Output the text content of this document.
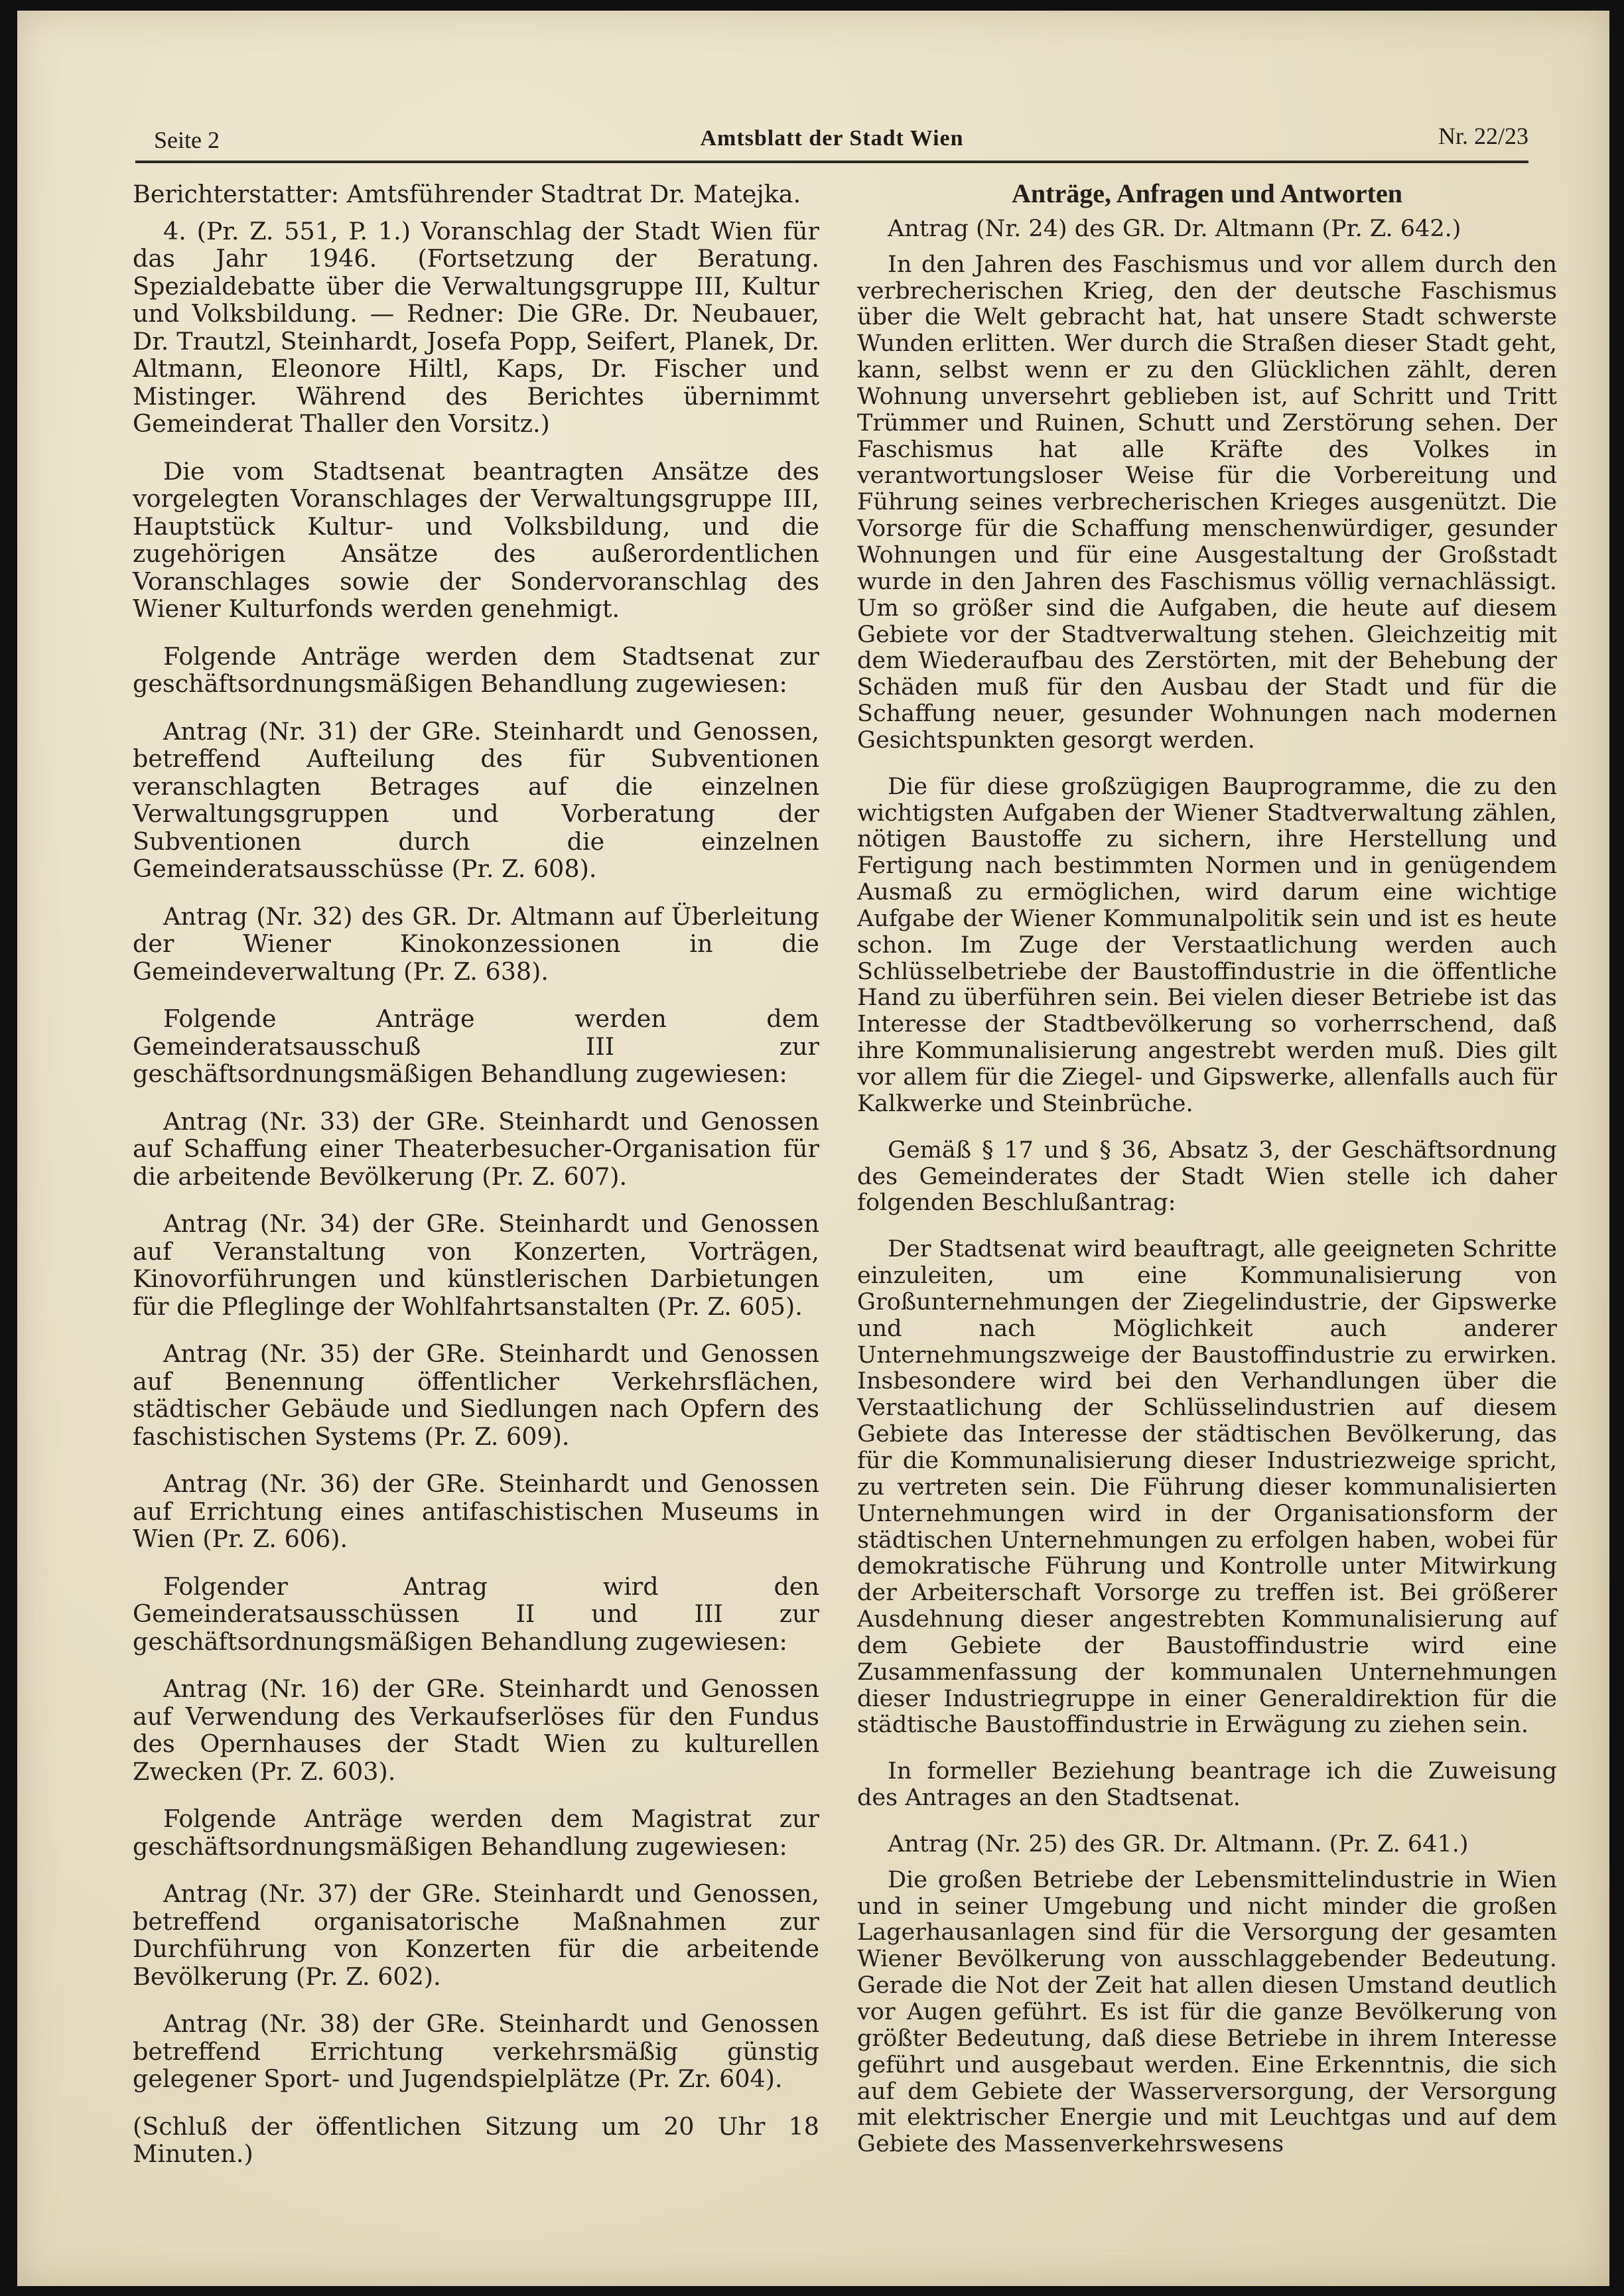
Seite 2	Amtsblatt der Stadt Wien	Nr. 22/23

Berichterstatter: Amtsführender Stadtrat Dr. Matejka.

4. (Pr. Z. 551, P. 1.) Voranschlag der Stadt Wien für das Jahr 1946. (Fortsetzung der Beratung. Spezialdebatte über die Verwaltungsgruppe III, Kultur und Volksbildung. — Redner: Die GRe. Dr. Neubauer, Dr. Trautzl, Steinhardt, Josefa Popp, Seifert, Planek, Dr. Altmann, Eleonore Hiltl, Kaps, Dr. Fischer und Mistinger. Während des Berichtes übernimmt Gemeinderat Thaller den Vorsitz.)

Die vom Stadtsenat beantragten Ansätze des vorgelegten Voranschlages der Verwaltungsgruppe III, Hauptstück Kultur- und Volksbildung, und die zugehörigen Ansätze des außerordentlichen Voranschlages sowie der Sondervoranschlag des Wiener Kulturfonds werden genehmigt.

Folgende Anträge werden dem Stadtsenat zur geschäftsordnungsmäßigen Behandlung zugewiesen:

Antrag (Nr. 31) der GRe. Steinhardt und Genossen, betreffend Aufteilung des für Subventionen veranschlagten Betrages auf die einzelnen Verwaltungsgruppen und Vorberatung der Subventionen durch die einzelnen Gemeinderatsausschüsse (Pr. Z. 608).

Antrag (Nr. 32) des GR. Dr. Altmann auf Überleitung der Wiener Kinokonzessionen in die Gemeindeverwaltung (Pr. Z. 638).

Folgende Anträge werden dem Gemeinderatsausschuß III zur geschäftsordnungsmäßigen Behandlung zugewiesen:

Antrag (Nr. 33) der GRe. Steinhardt und Genossen auf Schaffung einer Theaterbesucher-Organisation für die arbeitende Bevölkerung (Pr. Z. 607).

Antrag (Nr. 34) der GRe. Steinhardt und Genossen auf Veranstaltung von Konzerten, Vorträgen, Kinovorführungen und künstlerischen Darbietungen für die Pfleglinge der Wohlfahrtsanstalten (Pr. Z. 605).

Antrag (Nr. 35) der GRe. Steinhardt und Genossen auf Benennung öffentlicher Verkehrsflächen, städtischer Gebäude und Siedlungen nach Opfern des faschistischen Systems (Pr. Z. 609).

Antrag (Nr. 36) der GRe. Steinhardt und Genossen auf Errichtung eines antifaschistischen Museums in Wien (Pr. Z. 606).

Folgender Antrag wird den Gemeinderatsausschüssen II und III zur geschäftsordnungsmäßigen Behandlung zugewiesen:

Antrag (Nr. 16) der GRe. Steinhardt und Genossen auf Verwendung des Verkaufserlöses für den Fundus des Opernhauses der Stadt Wien zu kulturellen Zwecken (Pr. Z. 603).

Folgende Anträge werden dem Magistrat zur geschäftsordnungsmäßigen Behandlung zugewiesen:

Antrag (Nr. 37) der GRe. Steinhardt und Genossen, betreffend organisatorische Maßnahmen zur Durchführung von Konzerten für die arbeitende Bevölkerung (Pr. Z. 602).

Antrag (Nr. 38) der GRe. Steinhardt und Genossen betreffend Errichtung verkehrsmäßig günstig gelegener Sport- und Jugendspielplätze (Pr. Zr. 604).

(Schluß der öffentlichen Sitzung um 20 Uhr 18 Minuten.)

Anträge, Anfragen und Antworten

Antrag (Nr. 24) des GR. Dr. Altmann (Pr. Z. 642.)

In den Jahren des Faschismus und vor allem durch den verbrecherischen Krieg, den der deutsche Faschismus über die Welt gebracht hat, hat unsere Stadt schwerste Wunden erlitten. Wer durch die Straßen dieser Stadt geht, kann, selbst wenn er zu den Glücklichen zählt, deren Wohnung unversehrt geblieben ist, auf Schritt und Tritt Trümmer und Ruinen, Schutt und Zerstörung sehen. Der Faschismus hat alle Kräfte des Volkes in verantwortungsloser Weise für die Vorbereitung und Führung seines verbrecherischen Krieges ausgenützt. Die Vorsorge für die Schaffung menschenwürdiger, gesunder Wohnungen und für eine Ausgestaltung der Großstadt wurde in den Jahren des Faschismus völlig vernachlässigt. Um so größer sind die Aufgaben, die heute auf diesem Gebiete vor der Stadtverwaltung stehen. Gleichzeitig mit dem Wiederaufbau des Zerstörten, mit der Behebung der Schäden muß für den Ausbau der Stadt und für die Schaffung neuer, gesunder Wohnungen nach modernen Gesichtspunkten gesorgt werden.

Die für diese großzügigen Bauprogramme, die zu den wichtigsten Aufgaben der Wiener Stadtverwaltung zählen, nötigen Baustoffe zu sichern, ihre Herstellung und Fertigung nach bestimmten Normen und in genügendem Ausmaß zu ermöglichen, wird darum eine wichtige Aufgabe der Wiener Kommunalpolitik sein und ist es heute schon. Im Zuge der Verstaatlichung werden auch Schlüsselbetriebe der Baustoffindustrie in die öffentliche Hand zu überführen sein. Bei vielen dieser Betriebe ist das Interesse der Stadtbevölkerung so vorherrschend, daß ihre Kommunalisierung angestrebt werden muß. Dies gilt vor allem für die Ziegel- und Gipswerke, allenfalls auch für Kalkwerke und Steinbrüche.

Gemäß § 17 und § 36, Absatz 3, der Geschäftsordnung des Gemeinderates der Stadt Wien stelle ich daher folgenden Beschlußantrag:

Der Stadtsenat wird beauftragt, alle geeigneten Schritte einzuleiten, um eine Kommunalisierung von Großunternehmungen der Ziegelindustrie, der Gipswerke und nach Möglichkeit auch anderer Unternehmungszweige der Baustoffindustrie zu erwirken. Insbesondere wird bei den Verhandlungen über die Verstaatlichung der Schlüsselindustrien auf diesem Gebiete das Interesse der städtischen Bevölkerung, das für die Kommunalisierung dieser Industriezweige spricht, zu vertreten sein. Die Führung dieser kommunalisierten Unternehmungen wird in der Organisationsform der städtischen Unternehmungen zu erfolgen haben, wobei für demokratische Führung und Kontrolle unter Mitwirkung der Arbeiterschaft Vorsorge zu treffen ist. Bei größerer Ausdehnung dieser angestrebten Kommunalisierung auf dem Gebiete der Baustoffindustrie wird eine Zusammenfassung der kommunalen Unternehmungen dieser Industriegruppe in einer Generaldirektion für die städtische Baustoffindustrie in Erwägung zu ziehen sein.

In formeller Beziehung beantrage ich die Zuweisung des Antrages an den Stadtsenat.

Antrag (Nr. 25) des GR. Dr. Altmann. (Pr. Z. 641.)

Die großen Betriebe der Lebensmittelindustrie in Wien und in seiner Umgebung und nicht minder die großen Lagerhausanlagen sind für die Versorgung der gesamten Wiener Bevölkerung von ausschlaggebender Bedeutung. Gerade die Not der Zeit hat allen diesen Umstand deutlich vor Augen geführt. Es ist für die ganze Bevölkerung von größter Bedeutung, daß diese Betriebe in ihrem Interesse geführt und ausgebaut werden. Eine Erkenntnis, die sich auf dem Gebiete der Wasserversorgung, der Versorgung mit elektrischer Energie und mit Leuchtgas und auf dem Gebiete des Massenverkehrswesens
